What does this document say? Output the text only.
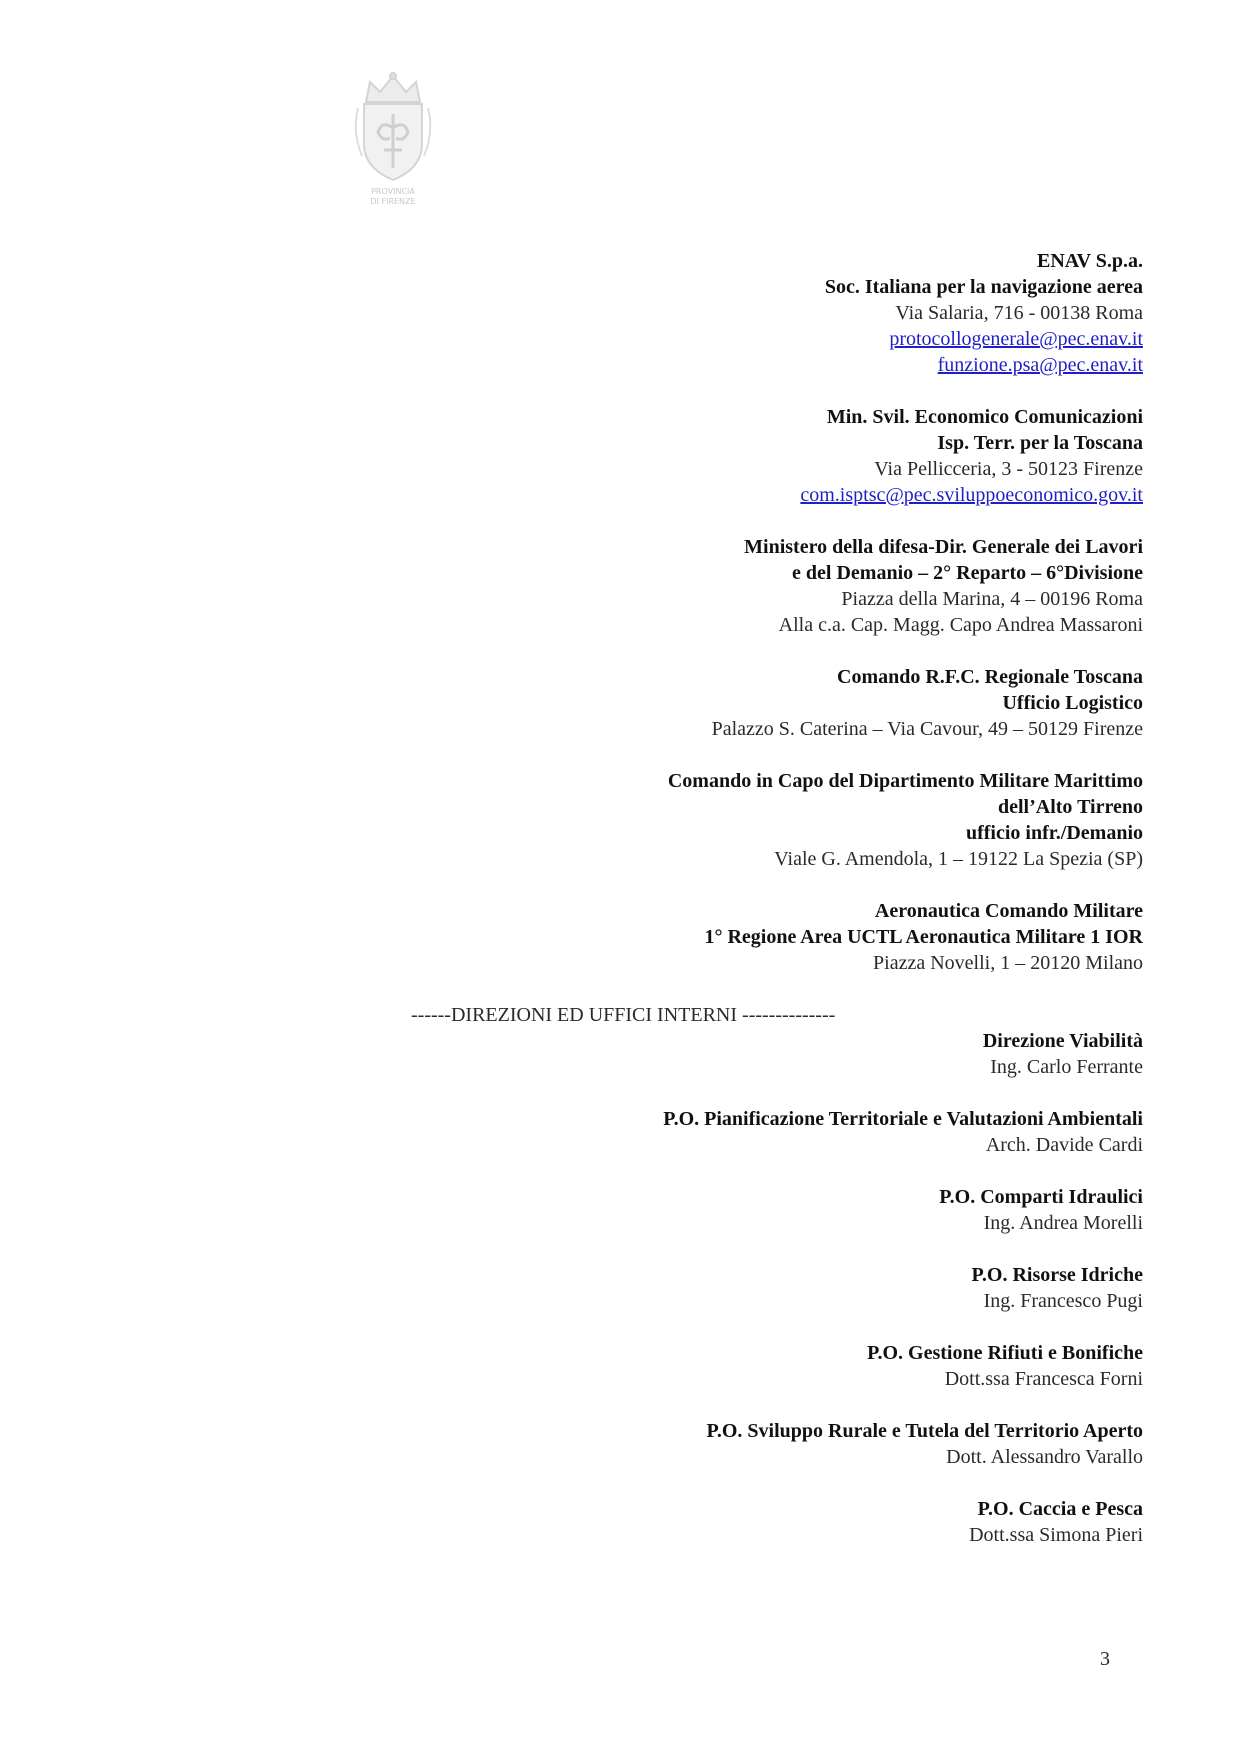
PROVINCIA
DI FIRENZE
ENAV S.p.a.
Soc. Italiana per la navigazione aerea
Via Salaria, 716 - 00138 Roma
protocollogenerale@pec.enav.it
funzione.psa@pec.enav.it
Min. Svil. Economico Comunicazioni
Isp. Terr. per la Toscana
Via Pellicceria, 3 - 50123 Firenze
com.isptsc@pec.sviluppoeconomico.gov.it
Ministero della difesa-Dir. Generale dei Lavori
e del Demanio – 2° Reparto – 6°Divisione
Piazza della Marina, 4 – 00196 Roma
Alla c.a. Cap. Magg. Capo Andrea Massaroni
Comando R.F.C. Regionale Toscana
Ufficio Logistico
Palazzo S. Caterina – Via Cavour, 49 – 50129 Firenze
Comando in Capo del Dipartimento Militare Marittimo
dell’Alto Tirreno
ufficio infr./Demanio
Viale G. Amendola, 1 – 19122 La Spezia (SP)
Aeronautica Comando Militare
1° Regione Area UCTL Aeronautica Militare 1 IOR
Piazza Novelli, 1 – 20120 Milano
------DIREZIONI ED UFFICI INTERNI --------------
Direzione Viabilità
Ing. Carlo Ferrante
P.O. Pianificazione Territoriale e Valutazioni Ambientali
Arch. Davide Cardi
P.O. Comparti Idraulici
Ing. Andrea Morelli
P.O. Risorse Idriche
Ing. Francesco Pugi
P.O. Gestione Rifiuti e Bonifiche
Dott.ssa Francesca Forni
P.O. Sviluppo Rurale e Tutela del Territorio Aperto
Dott. Alessandro Varallo
P.O. Caccia e Pesca
Dott.ssa Simona Pieri
3
